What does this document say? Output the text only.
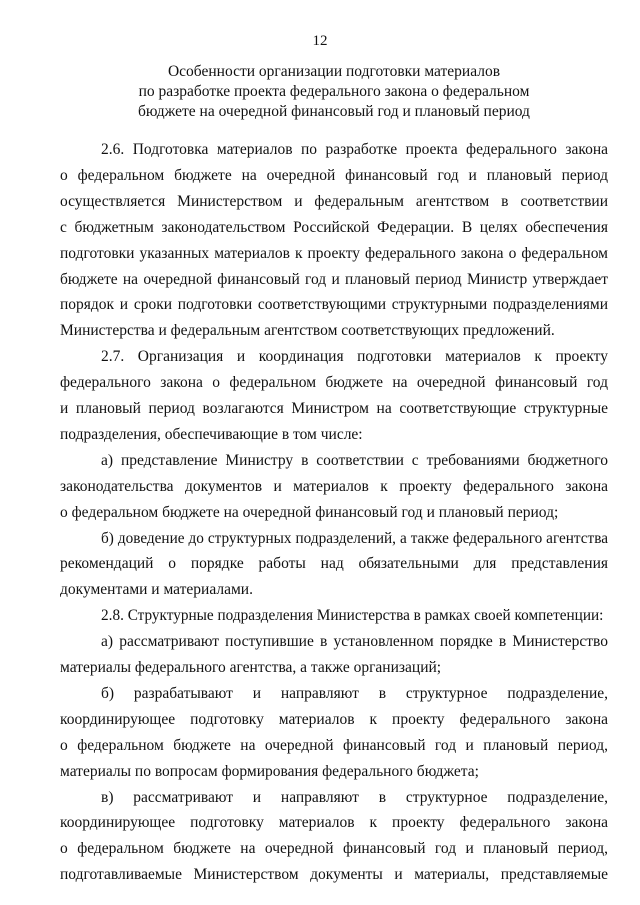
12
Особенности организации подготовки материалов
по разработке проекта федерального закона о федеральном
бюджете на очередной финансовый год и плановый период
2.6. Подготовка материалов по разработке проекта федерального закона
о федеральном бюджете на очередной финансовый год и плановый период
осуществляется Министерством и федеральным агентством в соответствии
с бюджетным законодательством Российской Федерации. В целях обеспечения
подготовки указанных материалов к проекту федерального закона о федеральном
бюджете на очередной финансовый год и плановый период Министр утверждает
порядок и сроки подготовки соответствующими структурными подразделениями
Министерства и федеральным агентством соответствующих предложений.
2.7. Организация и координация подготовки материалов к проекту
федерального закона о федеральном бюджете на очередной финансовый год
и плановый период возлагаются Министром на соответствующие структурные
подразделения, обеспечивающие в том числе:
а) представление Министру в соответствии с требованиями бюджетного
законодательства документов и материалов к проекту федерального закона
о федеральном бюджете на очередной финансовый год и плановый период;
б) доведение до структурных подразделений, а также федерального агентства
рекомендаций о порядке работы над обязательными для представления
документами и материалами.
2.8. Структурные подразделения Министерства в рамках своей компетенции:
а) рассматривают поступившие в установленном порядке в Министерство
материалы федерального агентства, а также организаций;
б) разрабатывают и направляют в структурное подразделение,
координирующее подготовку материалов к проекту федерального закона
о федеральном бюджете на очередной финансовый год и плановый период,
материалы по вопросам формирования федерального бюджета;
в) рассматривают и направляют в структурное подразделение,
координирующее подготовку материалов к проекту федерального закона
о федеральном бюджете на очередной финансовый год и плановый период,
подготавливаемые Министерством документы и материалы, представляемые
